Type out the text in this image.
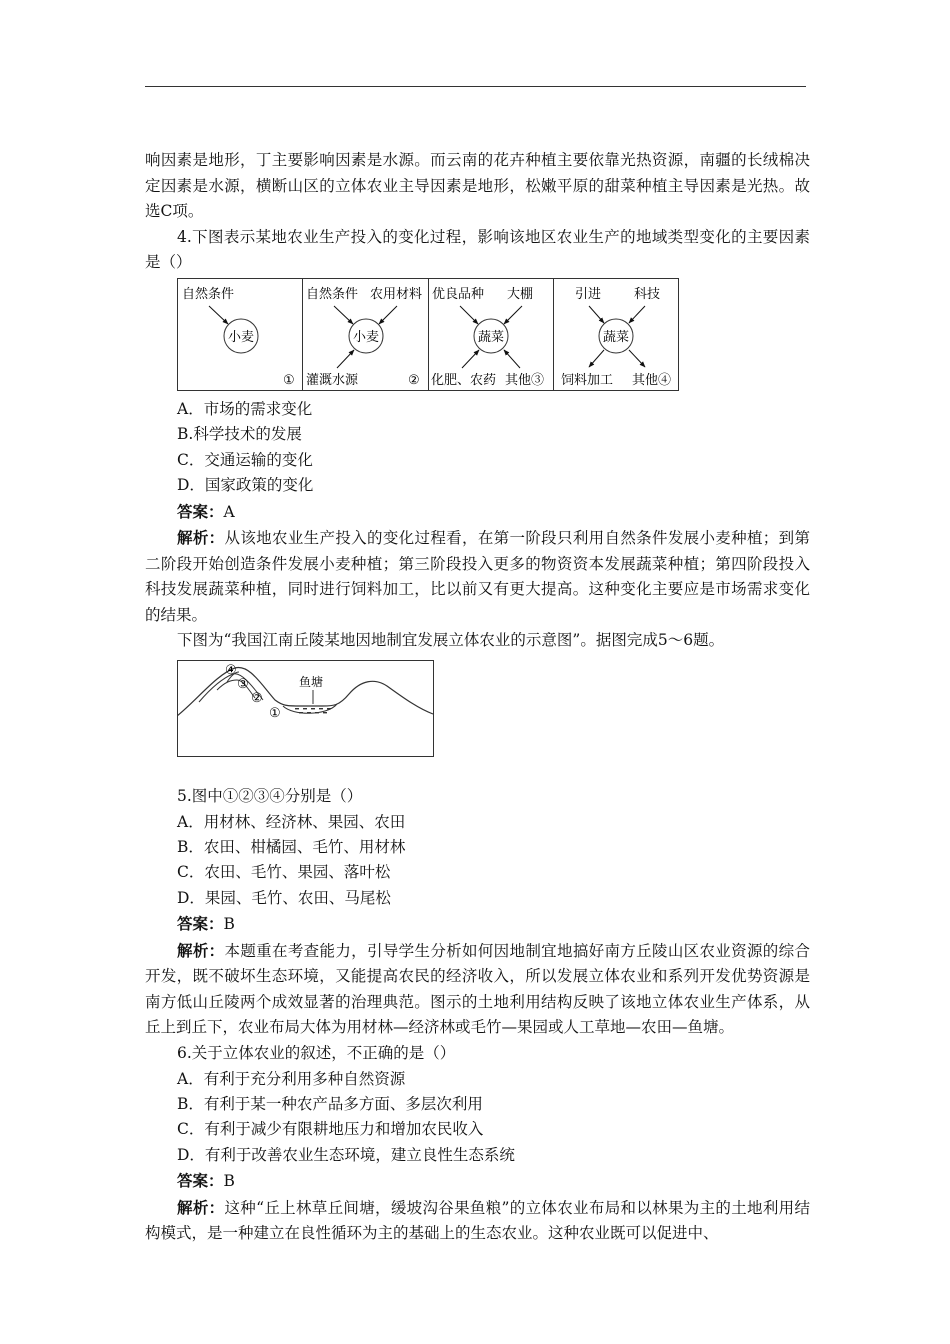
响因素是地形，丁主要影响因素是水源。而云南的花卉种植主要依靠光热资源，南疆的长绒棉决定因素是水源，横断山区的立体农业主导因素是地形，松嫩平原的甜菜种植主导因素是光热。故选C项。

4.下图表示某地农业生产投入的变化过程，影响该地区农业生产的地域类型变化的主要因素是（）

自然条件
①
小麦
自然条件 农用材料
灌溉水源	②
小麦
优良品种 大棚
化肥、农药 其他③
蔬菜
引进	科技
饲料加工 其他④
蔬菜
A．市场的需求变化
B.科学技术的发展
C．交通运输的变化
D．国家政策的变化
答案：A

解析：从该地农业生产投入的变化过程看，在第一阶段只利用自然条件发展小麦种植；到第二阶段开始创造条件发展小麦种植；第三阶段投入更多的物资资本发展蔬菜种植；第四阶段投入科技发展蔬菜种植，同时进行饲料加工，比以前又有更大提高。这种变化主要应是市场需求变化的结果。

下图为“我国江南丘陵某地因地制宜发展立体农业的示意图”。据图完成5～6题。

鱼塘
④
③
②
①

5.图中①②③④分别是（）

A．用材林、经济林、果园、农田
B．农田、柑橘园、毛竹、用材林
C．农田、毛竹、果园、落叶松
D．果园、毛竹、农田、马尾松
答案：B

解析：本题重在考查能力，引导学生分析如何因地制宜地搞好南方丘陵山区农业资源的综合开发，既不破坏生态环境，又能提高农民的经济收入，所以发展立体农业和系列开发优势资源是南方低山丘陵两个成效显著的治理典范。图示的土地利用结构反映了该地立体农业生产体系，从丘上到丘下，农业布局大体为用材林—经济林或毛竹—果园或人工草地—农田—鱼塘。

6.关于立体农业的叙述，不正确的是（）

A．有利于充分利用多种自然资源
B．有利于某一种农产品多方面、多层次利用
C．有利于减少有限耕地压力和增加农民收入
D．有利于改善农业生态环境，建立良性生态系统
答案：B

解析：这种“丘上林草丘间塘，缓坡沟谷果鱼粮”的立体农业布局和以林果为主的土地利用结构模式，是一种建立在良性循环为主的基础上的生态农业。这种农业既可以促进中、
